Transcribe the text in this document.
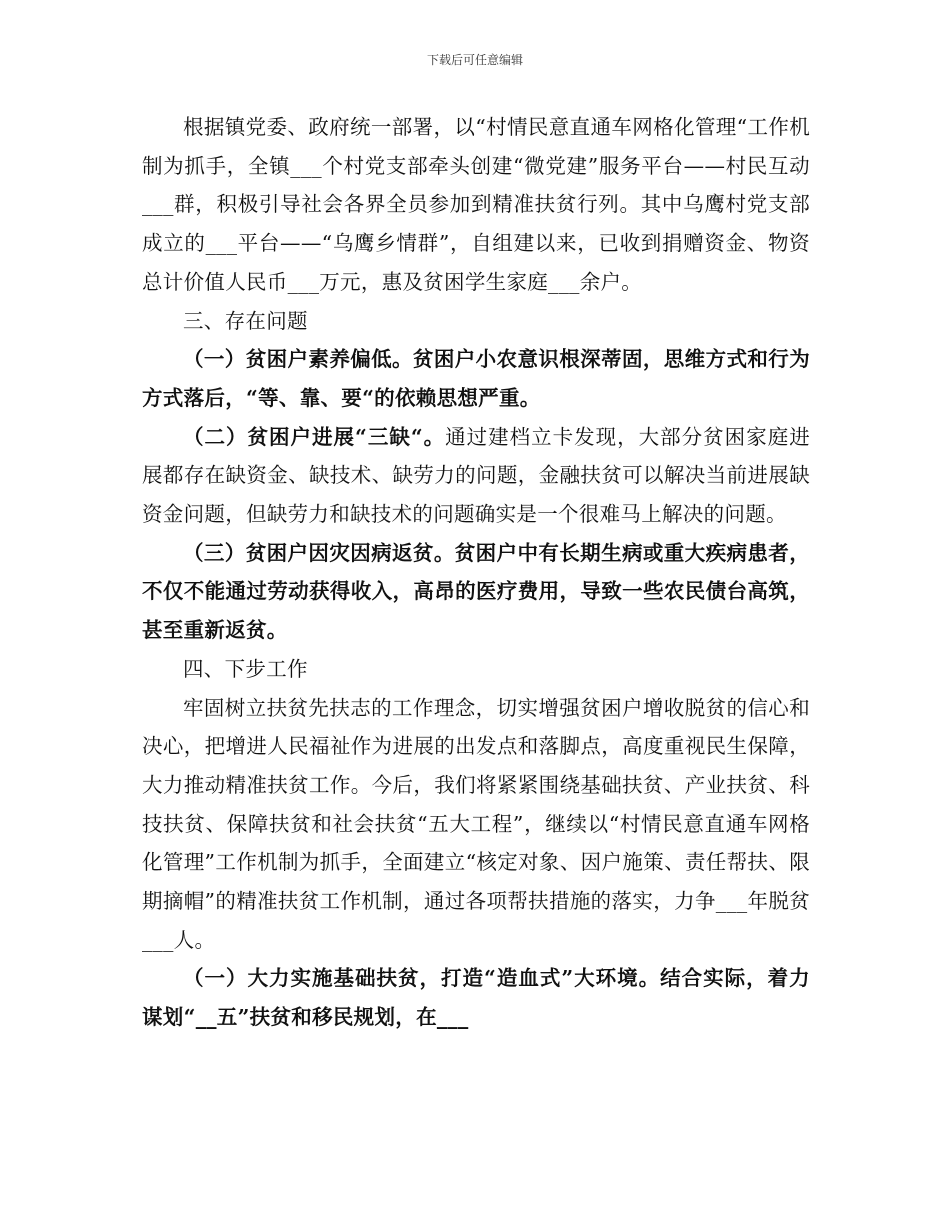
下载后可任意编辑

根据镇党委、政府统一部署，以“村情民意直通车网格化管理“工作机制为抓手，全镇___个村党支部牵头创建“微党建”服务平台——村民互动___群，积极引导社会各界全员参加到精准扶贫行列。其中乌鹰村党支部成立的___平台——“乌鹰乡情群”，自组建以来，已收到捐赠资金、物资总计价值人民币___万元，惠及贫困学生家庭___余户。

三、存在问题

（一）贫困户素养偏低。贫困户小农意识根深蒂固，思维方式和行为方式落后，“等、靠、要“的依赖思想严重。

（二）贫困户进展“三缺“。通过建档立卡发现，大部分贫困家庭进展都存在缺资金、缺技术、缺劳力的问题，金融扶贫可以解决当前进展缺资金问题，但缺劳力和缺技术的问题确实是一个很难马上解决的问题。

（三）贫困户因灾因病返贫。贫困户中有长期生病或重大疾病患者，不仅不能通过劳动获得收入，高昂的医疗费用，导致一些农民债台高筑，甚至重新返贫。

四、下步工作

牢固树立扶贫先扶志的工作理念，切实增强贫困户增收脱贫的信心和决心，把增进人民福祉作为进展的出发点和落脚点，高度重视民生保障，大力推动精准扶贫工作。今后，我们将紧紧围绕基础扶贫、产业扶贫、科技扶贫、保障扶贫和社会扶贫“五大工程”，继续以“村情民意直通车网格化管理”工作机制为抓手，全面建立“核定对象、因户施策、责任帮扶、限期摘帽”的精准扶贫工作机制，通过各项帮扶措施的落实，力争___年脱贫___人。

（一）大力实施基础扶贫，打造“造血式”大环境。结合实际，着力谋划“__五”扶贫和移民规划，在___
